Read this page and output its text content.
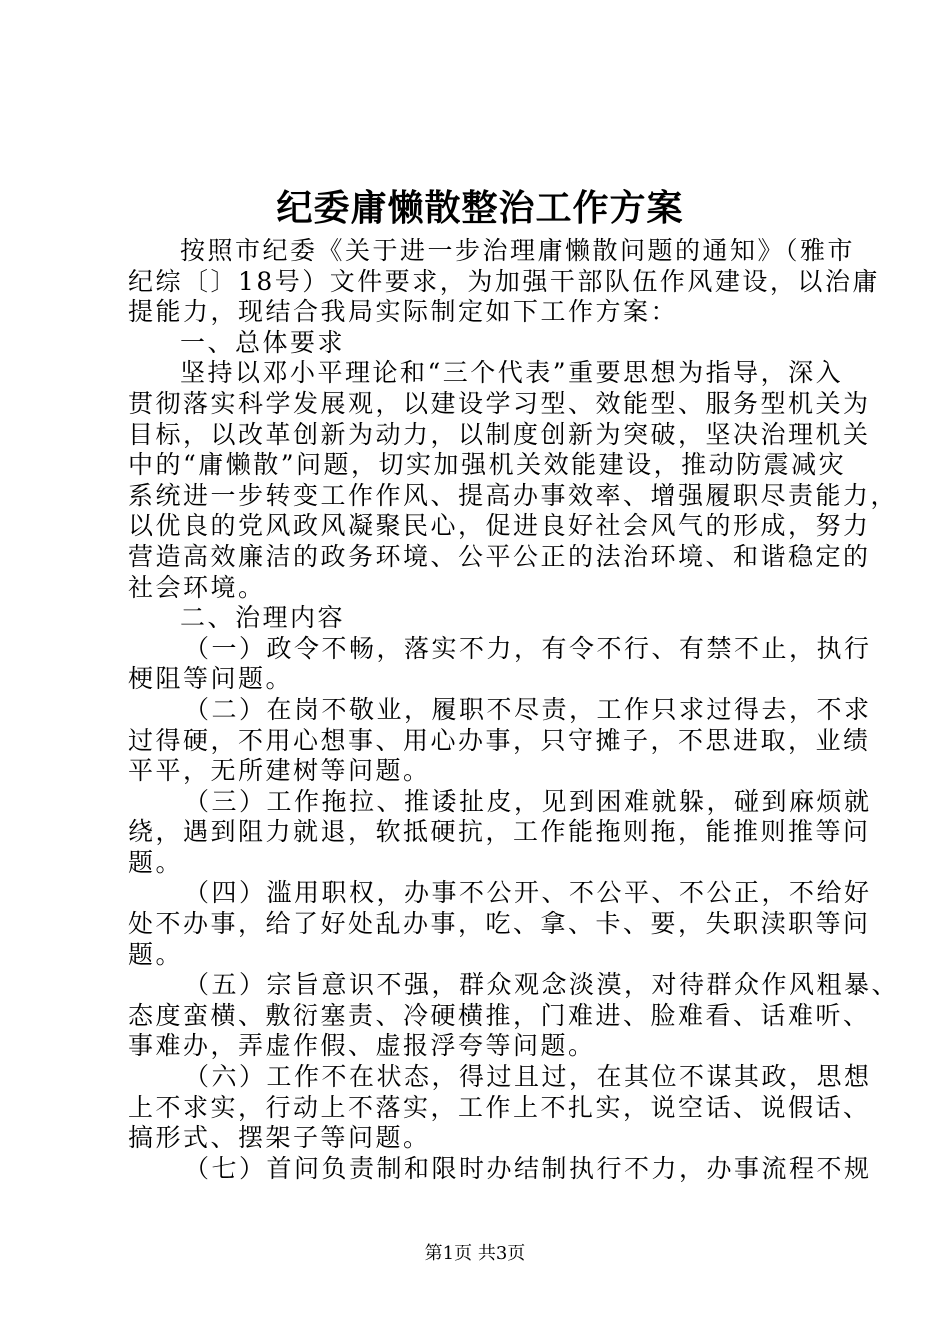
纪委庸懒散整治工作方案
按照市纪委《关于进一步治理庸懒散问题的通知》（雅市
纪综〔〕18号）文件要求，为加强干部队伍作风建设，以治庸
提能力，现结合我局实际制定如下工作方案：
一、总体要求
坚持以邓小平理论和“三个代表”重要思想为指导，深入
贯彻落实科学发展观，以建设学习型、效能型、服务型机关为
目标，以改革创新为动力，以制度创新为突破，坚决治理机关
中的“庸懒散”问题，切实加强机关效能建设，推动防震减灾
系统进一步转变工作作风、提高办事效率、增强履职尽责能力，
以优良的党风政风凝聚民心，促进良好社会风气的形成，努力
营造高效廉洁的政务环境、公平公正的法治环境、和谐稳定的
社会环境。
二、治理内容
（一）政令不畅，落实不力，有令不行、有禁不止，执行
梗阻等问题。
（二）在岗不敬业，履职不尽责，工作只求过得去，不求
过得硬，不用心想事、用心办事，只守摊子，不思进取，业绩
平平，无所建树等问题。
（三）工作拖拉、推诿扯皮，见到困难就躲，碰到麻烦就
绕，遇到阻力就退，软抵硬抗，工作能拖则拖，能推则推等问
题。
（四）滥用职权，办事不公开、不公平、不公正，不给好
处不办事，给了好处乱办事，吃、拿、卡、要，失职渎职等问
题。
（五）宗旨意识不强，群众观念淡漠，对待群众作风粗暴、
态度蛮横、敷衍塞责、冷硬横推，门难进、脸难看、话难听、
事难办，弄虚作假、虚报浮夸等问题。
（六）工作不在状态，得过且过，在其位不谋其政，思想
上不求实，行动上不落实，工作上不扎实，说空话、说假话、
搞形式、摆架子等问题。
（七）首问负责制和限时办结制执行不力，办事流程不规
第1页 共3页
